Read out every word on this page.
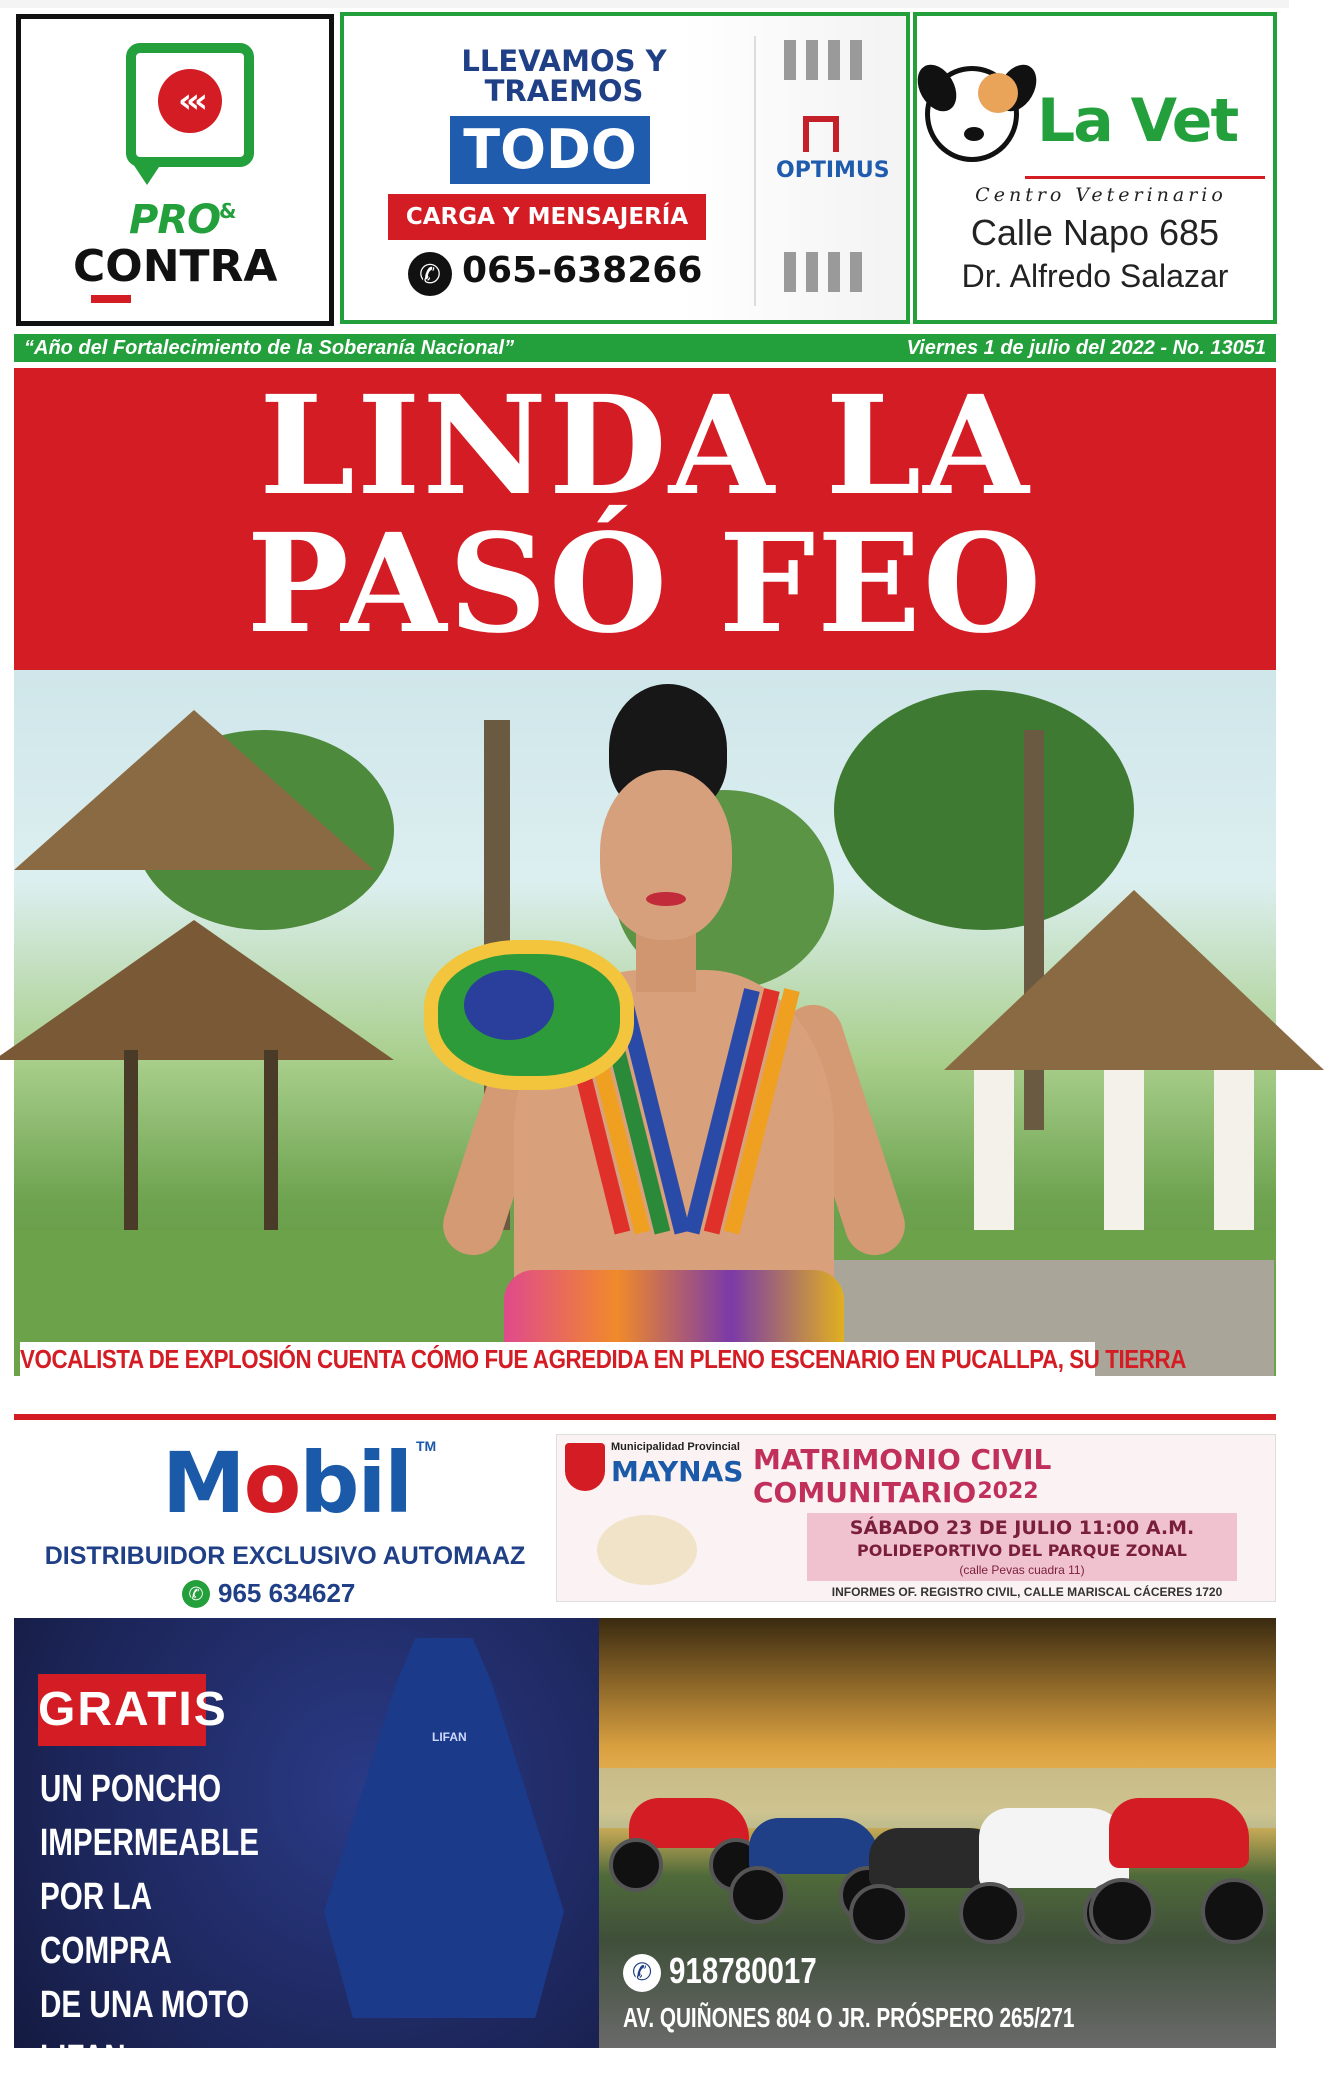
‹‹‹
PRO
&
CONTRA
LLEVAMOS Y TRAEMOS
TODO
CARGA Y MENSAJERÍA
✆ 065-638266
OPTIMUS
La Vet
Centro Veterinario
Calle Napo 685
Dr. Alfredo Salazar
“Año del Fortalecimiento de la Soberanía Nacional”	Viernes 1 de julio del 2022 - No. 13051
LINDA LA
PASÓ FEO
VOCALISTA DE EXPLOSIÓN CUENTA CÓMO FUE AGREDIDA EN PLENO ESCENARIO EN PUCALLPA, SU TIERRA
Mobil TM
DISTRIBUIDOR EXCLUSIVO AUTOMAAZ
✆ 965 634627
Municipalidad Provincial
MAYNAS MATRIMONIO CIVIL COMUNITARIO 2022
SÁBADO 23 DE JULIO 11:00 A.M.
POLIDEPORTIVO DEL PARQUE ZONAL
(calle Pevas cuadra 11)
INFORMES OF. REGISTRO CIVIL, CALLE MARISCAL CÁCERES 1720
GRATIS
UN PONCHO
IMPERMEABLE
POR LA COMPRA
DE UNA MOTO LIFAN
LIFAN
✆ 918780017
AV. QUIÑONES 804 O JR. PRÓSPERO 265/271
